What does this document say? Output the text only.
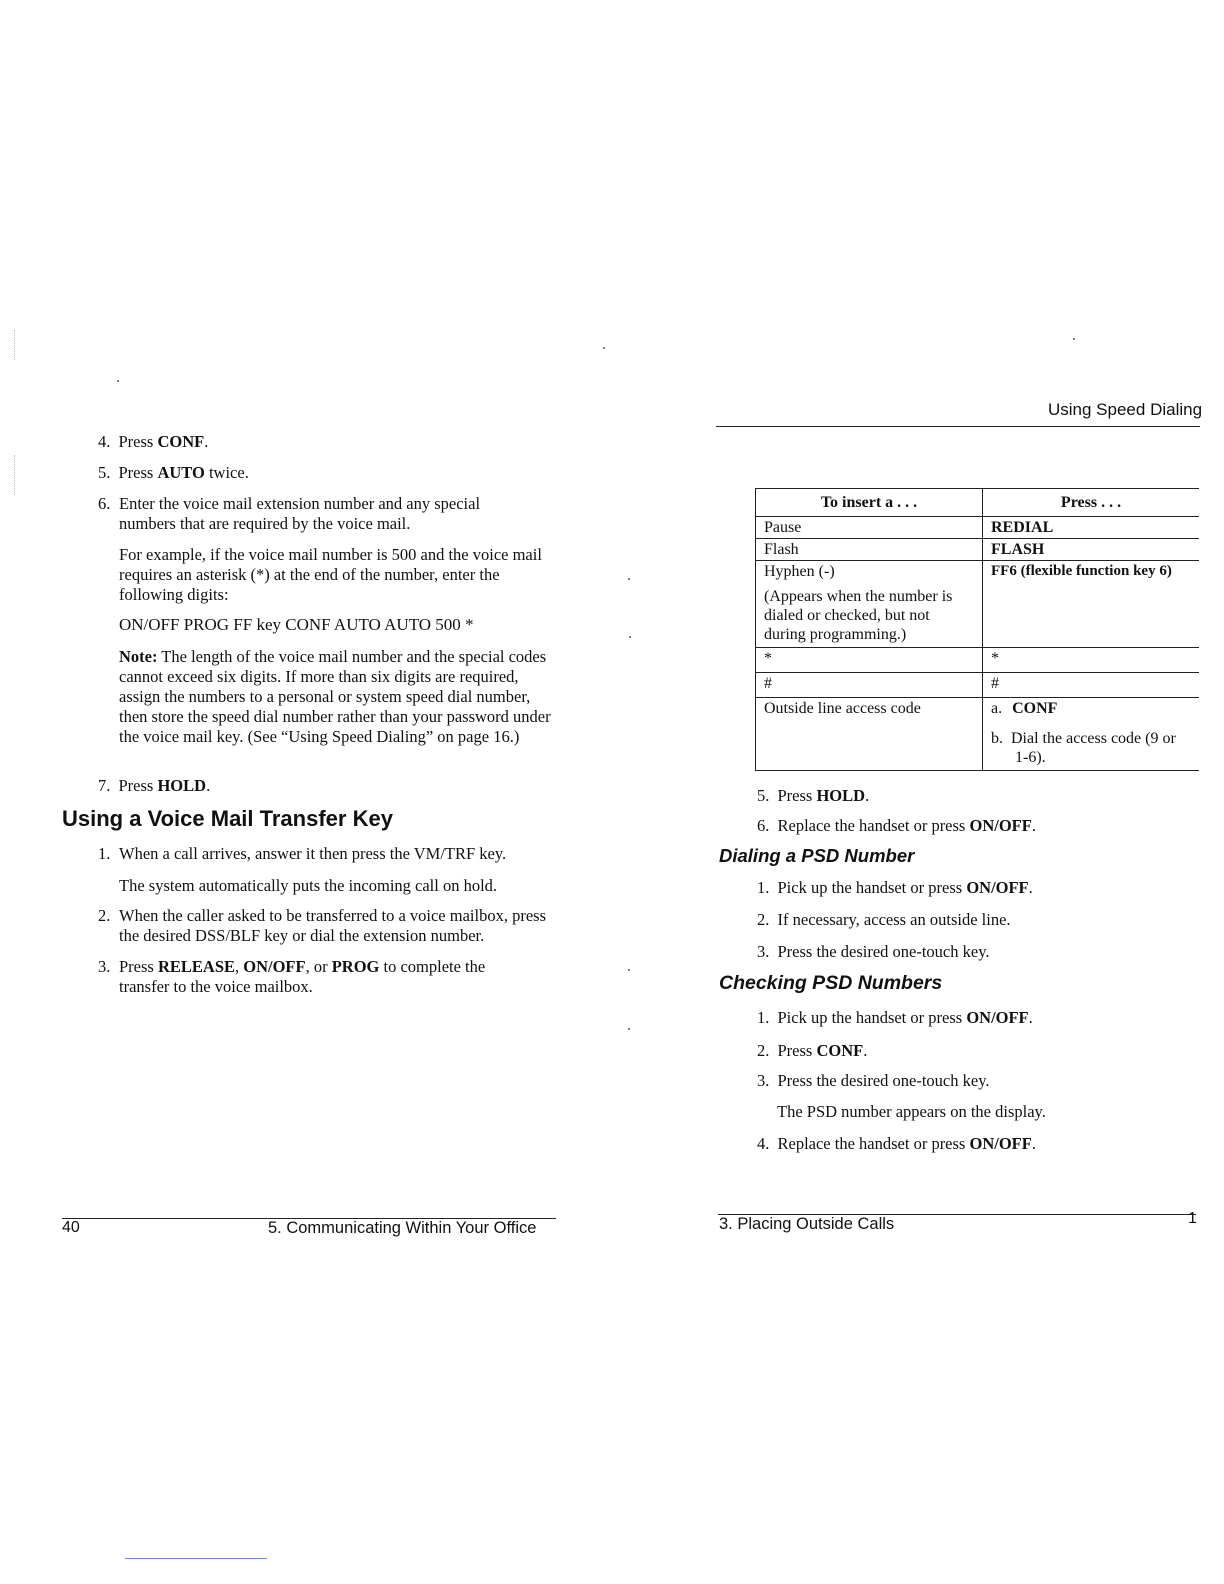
4. Press CONF.
5. Press AUTO twice.
6. Enter the voice mail extension number and any special numbers that are required by the voice mail.
For example, if the voice mail number is 500 and the voice mail requires an asterisk (*) at the end of the number, enter the following digits:
ON/OFF PROG FF key CONF AUTO AUTO 500 *
Note: The length of the voice mail number and the special codes cannot exceed six digits. If more than six digits are required, assign the numbers to a personal or system speed dial number, then store the speed dial number rather than your password under the voice mail key. (See “Using Speed Dialing” on page 16.)
7. Press HOLD.
Using a Voice Mail Transfer Key
1. When a call arrives, answer it then press the VM/TRF key.
The system automatically puts the incoming call on hold.
2. When the caller asked to be transferred to a voice mailbox, press the desired DSS/BLF key or dial the extension number.
3. Press RELEASE, ON/OFF, or PROG to complete the transfer to the voice mailbox.
40	5. Communicating Within Your Office
Using Speed Dialing
To insert a . . .	Press . . .
Pause	REDIAL
Flash	FLASH

Hyphen (-)
(Appears when the number is dialed or checked, but not during programming.)	FF6 (flexible function key 6)
*	*
#	#
Outside line access code	a. CONF
b. Dial the access code (9 or 1-6).
5. Press HOLD.
6. Replace the handset or press ON/OFF.
Dialing a PSD Number
1. Pick up the handset or press ON/OFF.
2. If necessary, access an outside line.
3. Press the desired one-touch key.
Checking PSD Numbers
1. Pick up the handset or press ON/OFF.
2. Press CONF.
3. Press the desired one-touch key.
The PSD number appears on the display.
4. Replace the handset or press ON/OFF.
3. Placing Outside Calls	1
